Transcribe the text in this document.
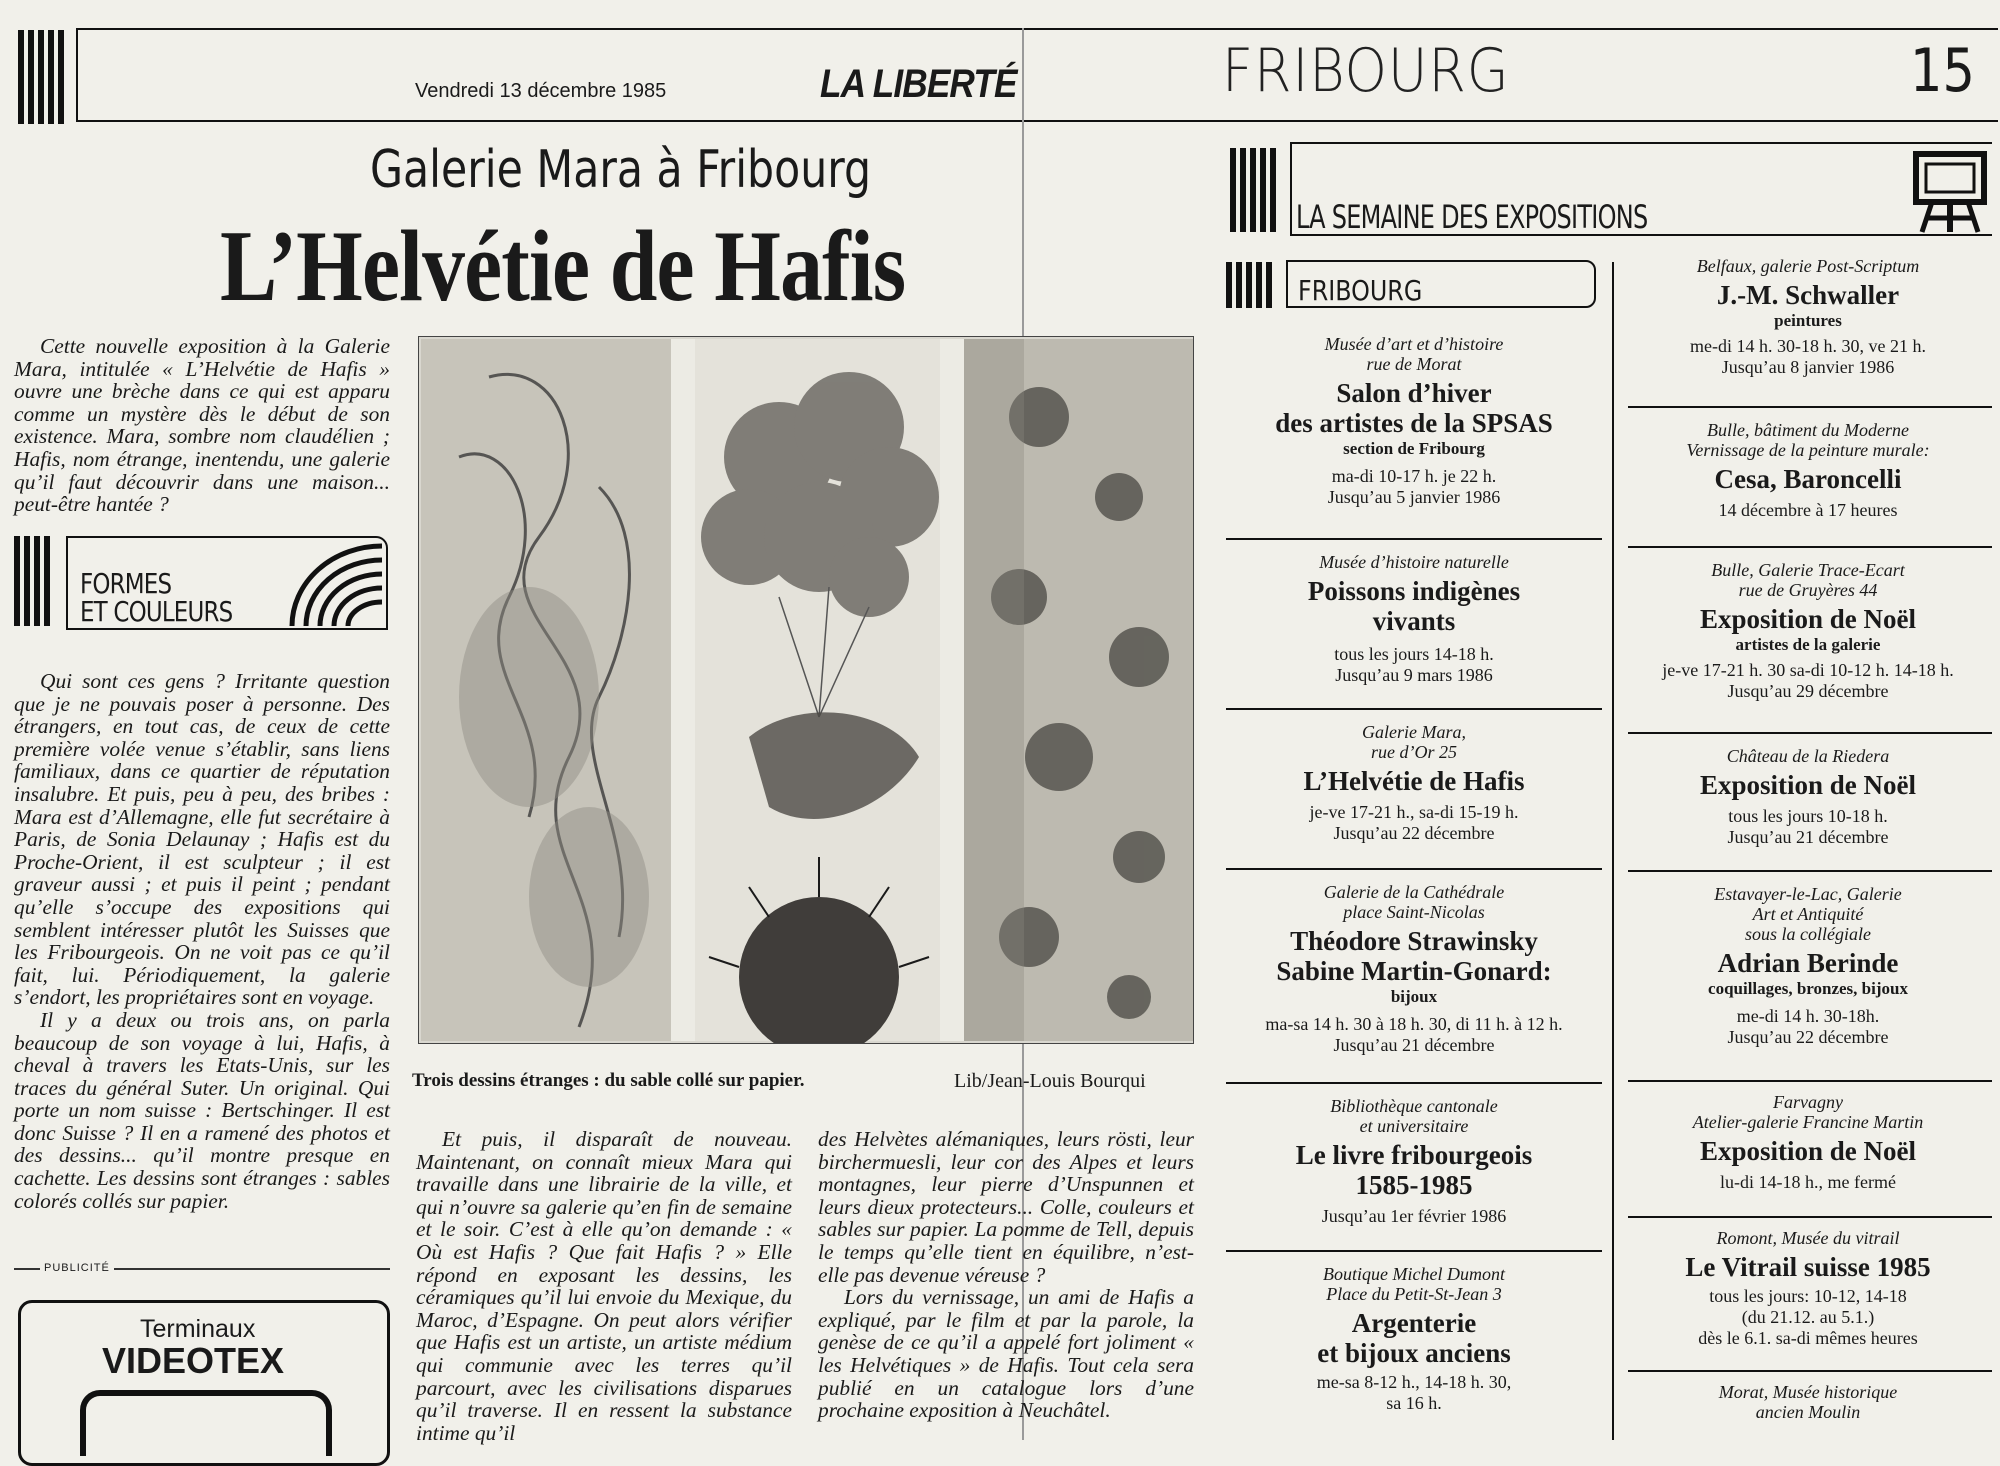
Vendredi 13 décembre 1985	LA LIBERTÉ	FRIBOURG	15
Galerie Mara à Fribourg
L’Helvétie de Hafis

Cette nouvelle exposition à la Galerie Mara, intitulée « L’Helvétie de Hafis » ouvre une brèche dans ce qui est apparu comme un mystère dès le début de son existence. Mara, sombre nom claudélien ; Hafis, nom étrange, inentendu, une galerie qu’il faut découvrir dans une maison... peut-être hantée ?

FORMES
ET COULEURS

Qui sont ces gens ? Irritante question que je ne pouvais poser à personne. Des étrangers, en tout cas, de ceux de cette première volée venue s’établir, sans liens familiaux, dans ce quartier de réputation insalubre. Et puis, peu à peu, des bribes : Mara est d’Allemagne, elle fut secrétaire à Paris, de Sonia Delaunay ; Hafis est du Proche-Orient, il est sculpteur ; il est graveur aussi ; et puis il peint ; pendant qu’elle s’occupe des expositions qui semblent intéresser plutôt les Suisses que les Fribourgeois. On ne voit pas ce qu’il fait, lui. Périodiquement, la galerie s’endort, les propriétaires sont en voyage.

Il y a deux ou trois ans, on parla beaucoup de son voyage à lui, Hafis, à cheval à travers les Etats-Unis, sur les traces du général Suter. Un original. Qui porte un nom suisse : Bertschinger. Il est donc Suisse ? Il en a ramené des photos et des dessins... qu’il montre presque en cachette. Les dessins sont étranges : sables colorés collés sur papier.

Trois dessins étranges : du sable collé sur papier.	Lib/Jean-Louis Bourqui

Et puis, il disparaît de nouveau. Maintenant, on connaît mieux Mara qui travaille dans une librairie de la ville, et qui n’ouvre sa galerie qu’en fin de semaine et le soir. C’est à elle qu’on demande : « Où est Hafis ? Que fait Hafis ? » Elle répond en exposant les dessins, les céramiques qu’il lui envoie du Mexique, du Maroc, d’Espagne. On peut alors vérifier que Hafis est un artiste, un artiste médium qui communie avec les terres qu’il parcourt, avec les civilisations disparues qu’il traverse. Il en ressent la substance intime qu’il

des Helvètes alémaniques, leurs rösti, leur birchermuesli, leur cor des Alpes et leurs montagnes, leur pierre d’Unspunnen et leurs dieux protecteurs... Colle, couleurs et sables sur papier. La pomme de Tell, depuis le temps qu’elle tient en équilibre, n’est-elle pas devenue véreuse ?

Lors du vernissage, un ami de Hafis a expliqué, par le film et par la parole, la genèse de ce qu’il a appelé fort joliment « les Helvétiques » de Hafis. Tout cela sera publié en un catalogue lors d’une prochaine exposition à Neuchâtel.

PUBLICITÉ
Terminaux
VIDEOTEX
LA SEMAINE DES EXPOSITIONS
FRIBOURG
Musée d’art et d’histoire
rue de Morat
Salon d’hiver
des artistes de la SPSAS
section de Fribourg
ma-di 10-17 h. je 22 h.
Jusqu’au 5 janvier 1986
Musée d’histoire naturelle
Poissons indigènes
vivants
tous les jours 14-18 h.
Jusqu’au 9 mars 1986
Galerie Mara,
rue d’Or 25
L’Helvétie de Hafis
je-ve 17-21 h., sa-di 15-19 h.
Jusqu’au 22 décembre
Galerie de la Cathédrale
place Saint-Nicolas
Théodore Strawinsky
Sabine Martin-Gonard:
bijoux
ma-sa 14 h. 30 à 18 h. 30, di 11 h. à 12 h.
Jusqu’au 21 décembre
Bibliothèque cantonale
et universitaire
Le livre fribourgeois
1585-1985
Jusqu’au 1er février 1986
Boutique Michel Dumont
Place du Petit-St-Jean 3
Argenterie
et bijoux anciens
me-sa 8-12 h., 14-18 h. 30,
sa 16 h.
Belfaux, galerie Post-Scriptum
J.-M. Schwaller
peintures
me-di 14 h. 30-18 h. 30, ve 21 h.
Jusqu’au 8 janvier 1986
Bulle, bâtiment du Moderne
Vernissage de la peinture murale:
Cesa, Baroncelli
14 décembre à 17 heures
Bulle, Galerie Trace-Ecart
rue de Gruyères 44
Exposition de Noël
artistes de la galerie
je-ve 17-21 h. 30 sa-di 10-12 h. 14-18 h.
Jusqu’au 29 décembre
Château de la Riedera
Exposition de Noël
tous les jours 10-18 h.
Jusqu’au 21 décembre
Estavayer-le-Lac, Galerie
Art et Antiquité
sous la collégiale
Adrian Berinde
coquillages, bronzes, bijoux
me-di 14 h. 30-18h.
Jusqu’au 22 décembre
Farvagny
Atelier-galerie Francine Martin
Exposition de Noël
lu-di 14-18 h., me fermé
Romont, Musée du vitrail
Le Vitrail suisse 1985
tous les jours: 10-12, 14-18
(du 21.12. au 5.1.)
dès le 6.1. sa-di mêmes heures
Morat, Musée historique
ancien Moulin
